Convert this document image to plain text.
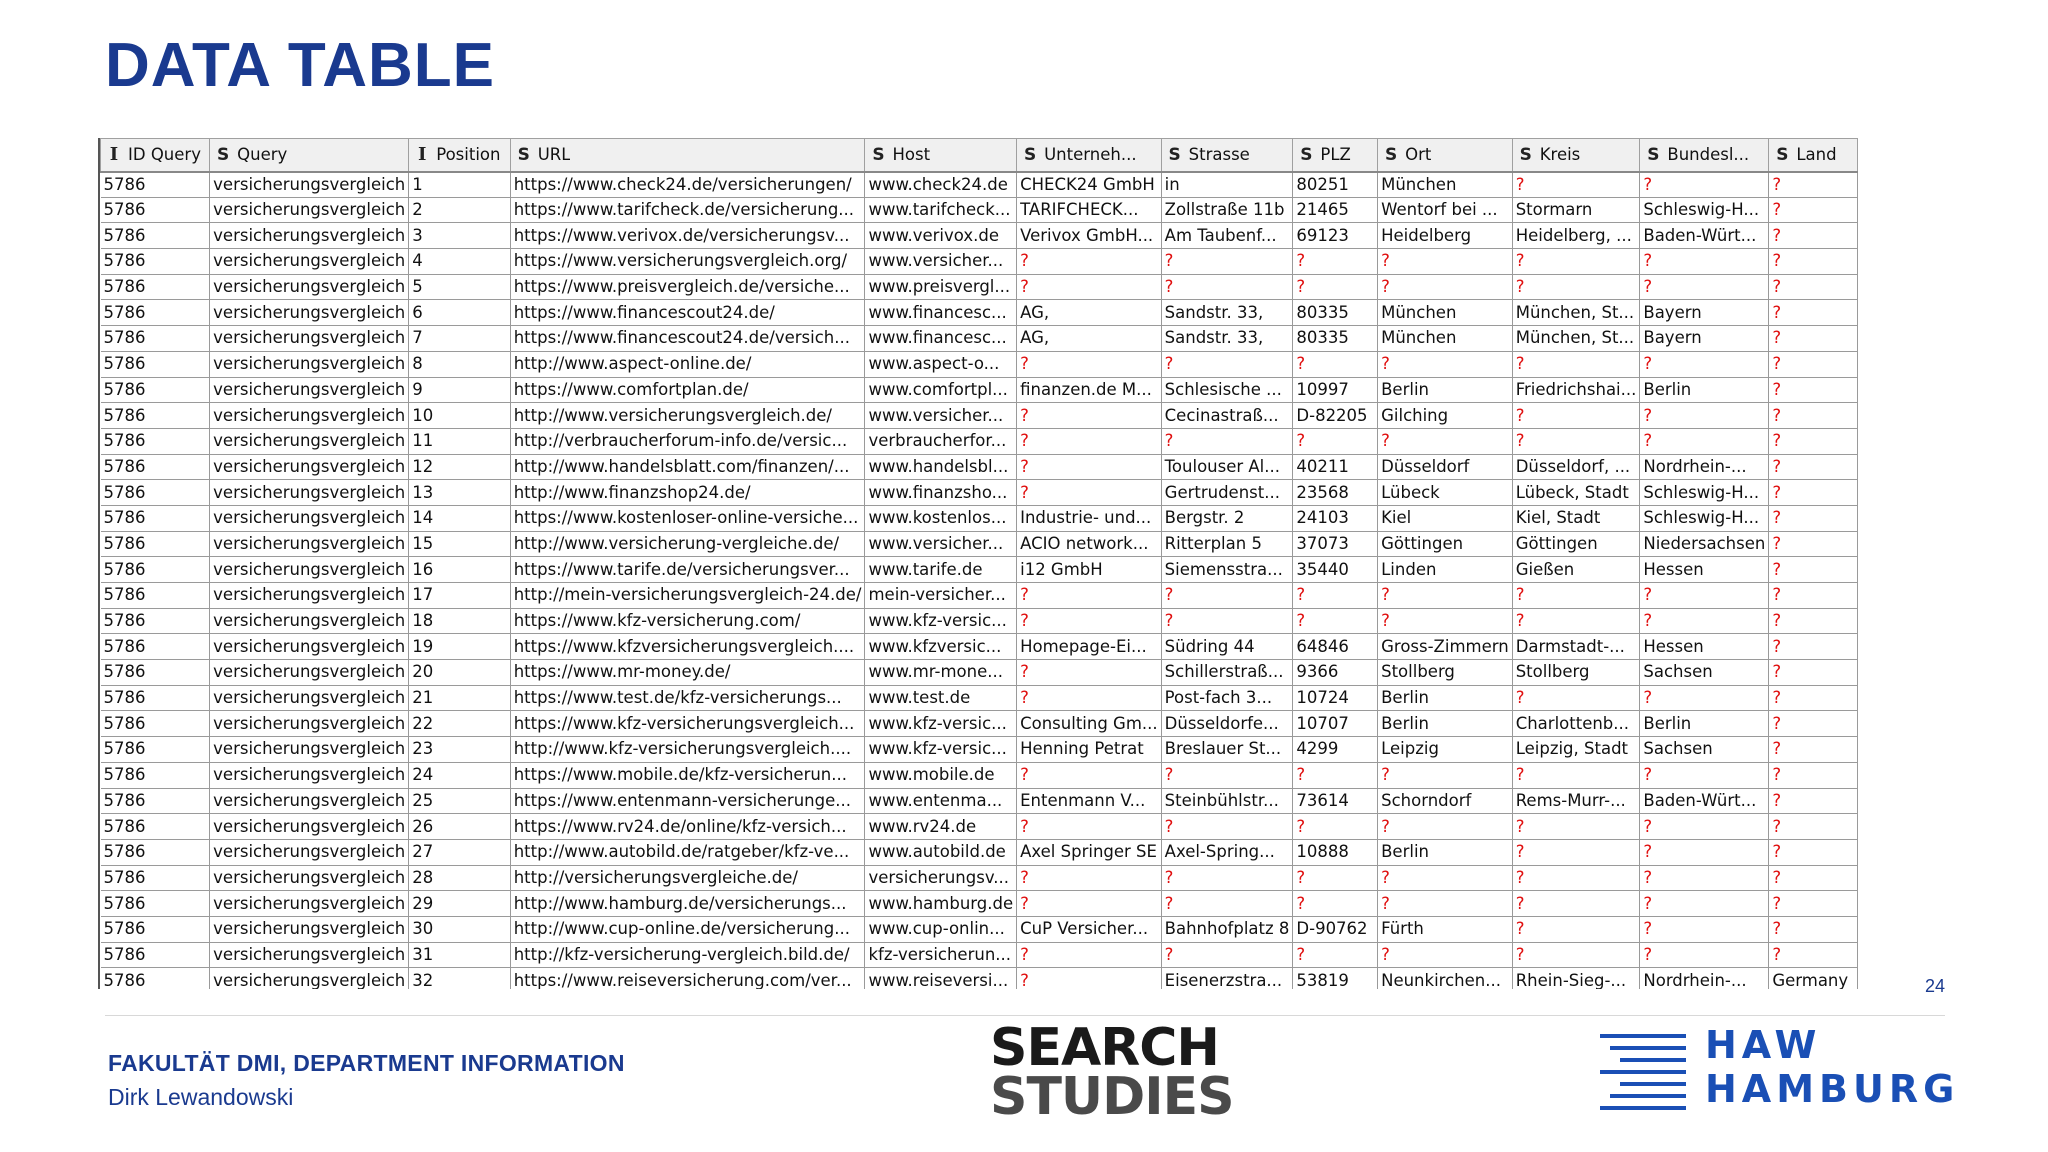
DATA TABLE
I ID Query	S Query	I Position	S URL	S Host	S Unterneh...	S Strasse	S PLZ	S Ort	S Kreis	S Bundesl...	S Land

5786	versicherungsvergleich	1	https://www.check24.de/versicherungen/	www.check24.de	CHECK24 GmbH	in	80251	München	?	?	?
5786	versicherungsvergleich	2	https://www.tarifcheck.de/versicherung...	www.tarifcheck...	TARIFCHECK...	Zollstraße 11b	21465	Wentorf bei ...	Stormarn	Schleswig-H...	?
5786	versicherungsvergleich	3	https://www.verivox.de/versicherungsv...	www.verivox.de	Verivox GmbH...	Am Taubenf...	69123	Heidelberg	Heidelberg, ...	Baden-Würt...	?
5786	versicherungsvergleich	4	https://www.versicherungsvergleich.org/	www.versicher...	?	?	?	?	?	?	?
5786	versicherungsvergleich	5	https://www.preisvergleich.de/versiche...	www.preisvergl...	?	?	?	?	?	?	?
5786	versicherungsvergleich	6	https://www.financescout24.de/	www.financesc...	AG,	Sandstr. 33,	80335	München	München, St...	Bayern	?
5786	versicherungsvergleich	7	https://www.financescout24.de/versich...	www.financesc...	AG,	Sandstr. 33,	80335	München	München, St...	Bayern	?
5786	versicherungsvergleich	8	http://www.aspect-online.de/	www.aspect-o...	?	?	?	?	?	?	?
5786	versicherungsvergleich	9	https://www.comfortplan.de/	www.comfortpl...	finanzen.de M...	Schlesische ...	10997	Berlin	Friedrichshai...	Berlin	?
5786	versicherungsvergleich	10	http://www.versicherungsvergleich.de/	www.versicher...	?	Cecinastraß...	D-82205	Gilching	?	?	?
5786	versicherungsvergleich	11	http://verbraucherforum-info.de/versic...	verbraucherfor...	?	?	?	?	?	?	?
5786	versicherungsvergleich	12	http://www.handelsblatt.com/finanzen/...	www.handelsbl...	?	Toulouser Al...	40211	Düsseldorf	Düsseldorf, ...	Nordrhein-...	?
5786	versicherungsvergleich	13	http://www.finanzshop24.de/	www.finanzsho...	?	Gertrudenst...	23568	Lübeck	Lübeck, Stadt	Schleswig-H...	?
5786	versicherungsvergleich	14	https://www.kostenloser-online-versiche...	www.kostenlos...	Industrie- und...	Bergstr. 2	24103	Kiel	Kiel, Stadt	Schleswig-H...	?
5786	versicherungsvergleich	15	http://www.versicherung-vergleiche.de/	www.versicher...	ACIO network...	Ritterplan 5	37073	Göttingen	Göttingen	Niedersachsen	?
5786	versicherungsvergleich	16	https://www.tarife.de/versicherungsver...	www.tarife.de	i12 GmbH	Siemensstra...	35440	Linden	Gießen	Hessen	?
5786	versicherungsvergleich	17	http://mein-versicherungsvergleich-24.de/	mein-versicher...	?	?	?	?	?	?	?
5786	versicherungsvergleich	18	https://www.kfz-versicherung.com/	www.kfz-versic...	?	?	?	?	?	?	?
5786	versicherungsvergleich	19	https://www.kfzversicherungsvergleich....	www.kfzversic...	Homepage-Ei...	Südring 44	64846	Gross-Zimmern	Darmstadt-...	Hessen	?
5786	versicherungsvergleich	20	https://www.mr-money.de/	www.mr-mone...	?	Schillerstraß...	9366	Stollberg	Stollberg	Sachsen	?
5786	versicherungsvergleich	21	https://www.test.de/kfz-versicherungs...	www.test.de	?	Post-fach 3...	10724	Berlin	?	?	?
5786	versicherungsvergleich	22	https://www.kfz-versicherungsvergleich...	www.kfz-versic...	Consulting Gm...	Düsseldorfe...	10707	Berlin	Charlottenb...	Berlin	?
5786	versicherungsvergleich	23	http://www.kfz-versicherungsvergleich....	www.kfz-versic...	Henning Petrat	Breslauer St...	4299	Leipzig	Leipzig, Stadt	Sachsen	?
5786	versicherungsvergleich	24	https://www.mobile.de/kfz-versicherun...	www.mobile.de	?	?	?	?	?	?	?
5786	versicherungsvergleich	25	https://www.entenmann-versicherunge...	www.entenma...	Entenmann V...	Steinbühlstr...	73614	Schorndorf	Rems-Murr-...	Baden-Würt...	?
5786	versicherungsvergleich	26	https://www.rv24.de/online/kfz-versich...	www.rv24.de	?	?	?	?	?	?	?
5786	versicherungsvergleich	27	http://www.autobild.de/ratgeber/kfz-ve...	www.autobild.de	Axel Springer SE	Axel-Spring...	10888	Berlin	?	?	?
5786	versicherungsvergleich	28	http://versicherungsvergleiche.de/	versicherungsv...	?	?	?	?	?	?	?
5786	versicherungsvergleich	29	http://www.hamburg.de/versicherungs...	www.hamburg.de	?	?	?	?	?	?	?
5786	versicherungsvergleich	30	http://www.cup-online.de/versicherung...	www.cup-onlin...	CuP Versicher...	Bahnhofplatz 8	D-90762	Fürth	?	?	?
5786	versicherungsvergleich	31	http://kfz-versicherung-vergleich.bild.de/	kfz-versicherun...	?	?	?	?	?	?	?
5786	versicherungsvergleich	32	https://www.reiseversicherung.com/ver...	www.reiseversi...	?	Eisenerzstra...	53819	Neunkirchen...	Rhein-Sieg-...	Nordrhein-...	Germany	24
FAKULTÄT DMI, DEPARTMENT INFORMATION
Dirk Lewandowski
SEARCH
STUDIES
HAW
HAMBURG
